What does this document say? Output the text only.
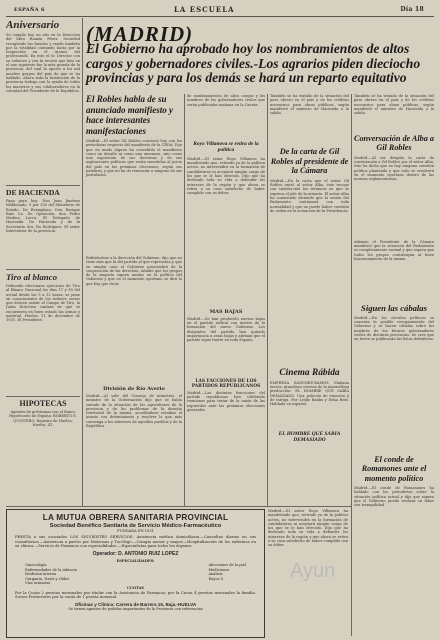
ESPAÑA 6	LA ESCUELA	Día 18
Aniversario
Se cumple hoy un año en la Dirección del libro Ramón Pérez. Sociedad recogiendo las fuentes y vende también por la totalidad contando hasta por la Inspección en el Ateneo del profesorado. En este el Sr. Director con su esfuerzo y con la revista que hizo en el ano siguiente fue la más grande de la provincia, del cual la aportó a los mil muchos grupos del país de que se ha hablado. Ahora toda la Institución de la provincia trabaja con la ayuda de todos los maestros y sus colaboradores en la voluntad del Presidente de la República.
DE HACIENDA
Pago para hoy: Don Juan Jiménez Maldonado, 9 por 100 del Ministerio de Estado. De Reemplazo: Don Enrique Ruiz Ca. De Oposición, don Pedro Medina Lorca. El Delegado de Hacienda. De Hacienda y de la Secretaría Sra. Ro Rodríguez. El señor Interventor de la provincia.
Tiro al blanco
Debiendo efectuarse ejercicios de Tiro al Blanco Nacional los días 17 y 18 del actual desde las 9 a 12 horas, se pone en conocimiento de los señores socios que deseen asistir al Campo de Tiro, la Junta Directiva cuidará de que se encuentren en buen estado las armas y material. Huelva, 11 de diciembre de 1931. El Presidente.
HIPOTECAS
Agentes de préstamos con el Banco Hipotecario de España: ROBERTO E. QUINTERO. Registro de Huelva. Huelva, 41.
(MADRID)
El Gobierno ha aprobado hoy los nombramientos de altos cargos y gobernadores civiles.-Los agrarios piden dieciocho provincias y para los demás se hará un reparto equitativo
El Robles habla de su anunciado manifiesto y hace interesantes manifestaciones
Madrid.—El señor Gil Robles conversó hoy con los periodistas respecto del manifiesto de la CEDA. Dijo que en modo alguno ha concebido el manifiesto como un desafío ni como una amenaza, sino como una exposición de sus doctrinas y de sus aspiraciones políticas que serán sometidas al juicio del país en las próximas elecciones, según sus palabras, y que no ha de renunciar a ninguno de sus postulados.
Refiriéndose a la dirección del Gobierno, dijo que no tiene más que la del partido al que representa y que en ningún caso el Gobierno prescindirá de la cooperación de las derechas. Añadió que los grupos de la mayoría siguen unidos en la política del Gobierno y que en el momento oportuno se dirá lo que hay que decir.
División de Río Averio
Madrid.—Al salir del Consejo de ministros, el ministro de la Gobernación dijo que se había tratado de la situación de los agricultores de la provincia y de los problemas de la división territorial de la misma, acordándose estudiar el asunto con detenimiento y resolver lo que más convenga a los intereses de aquellos pueblos y de la República.
de nombramientos de altos cargos y los nombres de los gobernadores civiles que serán publicados mañana en la Gaceta.
Royo Villanova se retira de la política
Madrid.—El señor Royo Villanova ha manifestado que, retirado ya de la política activa, no intervendrá en la formación de candidaturas ni aceptará ningún cargo de los que se le han ofrecido. Dijo que ha dedicado toda su vida a defender los intereses de la región y que ahora se retira a su casa satisfecho de haber cumplido con su deber.
MAS BAJAS
Madrid.—Se han producido nuevas bajas en el partido radical con motivo de la formación del nuevo Gobierno. Los dirigentes del partido han quitado importancia a estas bajas y afirman que el partido sigue fuerte en toda España.
LAS FACCIONES DE LOS PARTIDOS REPUBLICANOS
Madrid.—Las distintas fracciones del partido republicano han celebrado reuniones para tratar de la unión de las izquierdas ante las próximas elecciones generales.
También se ha tratado de la situación del paro obrero en el país y de los créditos necesarios para obras públicas, según manifestó el ministro de Hacienda a la salida.
De la carta de Gil Robles al presidente de la Cámara
Madrid.—En la carta que el señor Gil Robles envió al señor Alba, éste recoge con satisfacción los términos en que se expresa el jefe de la minoría. El señor Alba ha contestado diciendo que la sesión del Parlamento continuará con toda normalidad y que no puede haber cuestión de orden en la actuación de la Presidencia.
Cinema Rábida
EMPRESA SANCHEZ-RAMOS. Mañana jueves, grandioso estreno de la maravillosa producción: EL HOMBRE QUE SABÍA DEMASIADO. Una película de emoción y de intriga. Por Leslie Banks y Edna Best. Hablada en español.
EL HOMBRE QUE SABIA DEMASIADO
Conversación de Alba a Gil Robles
Madrid.—Al ser dirigida la carta de contestación a Gil Robles por el señor Alba, éste ha dicho que no hay ninguna cuestión política planteada y que todo se resolverá en el momento oportuno dentro de las normas reglamentarias.
Además el Presidente de la Cámara manifestó que la situación del Parlamento es completamente normal y que espera que todos los grupos contribuyan al buen funcionamiento de la misma.
Siguen las cábalas
Madrid.—En los círculos políticos se comenta la posible reorganización del Gobierno y se hacen cábalas sobre los nombres de los futuros gobernadores civiles de distintas provincias. Se cree que en breve se publicarán las listas definitivas.
El conde de Romanones ante el momento político
Madrid.—El conde de Romanones ha hablado con los periodistas sobre la situación política actual y dijo que espera que el Gobierno pueda realizar su labor con tranquilidad.
También se ha tratado de la situación del paro obrero en el país y de los créditos necesarios para obras públicas, según manifestó el ministro de Hacienda a la salida.
LA MUTUA OBRERA SANITARIA PROVINCIAL
Sociedad Benéfico Sanitaria de Servicio Médico-Farmacéutico
FUNDADA EN 1931
PRESTA a sus asociados LOS SIGUIENTES SERVICIOS: Asistencia médica domiciliaria.—Consultas diarias en sus consultorios.—Asistencia a partos por Matronas y Tocólogo.—Cirugía menor y mayor.—Hospitalización de los enfermos en su clínica.—Servicio de Farmacia con especialidades.—Especialistas para todos los órganos.
Operador: D. ANTONIO RUIZ LOPEZ
ESPECIALIDADES:
Ginecología
Enfermedades de la infancia
Medicina interna
Garganta, Nariz y Oídos
Vías urinarias
Afecciones de la piel
Mediciones
Análisis
Rayos X
CUOTAS
Por la Cuota 2 pesetas mensuales por titular con la Asistencia de Farmacia; por la Cuota 4 pesetas mensuales la familia. Socios Protectores por la cuota de 1 peseta mensual.
Oficinas y Clínica: Carrera de Barrera 15, Baja.-HUELVA
Se tienen agentes de pedidos importantes de la Provincia con referencias
Madrid.—El señor Royo Villanova ha manifestado que, retirado ya de la política activa, no intervendrá en la formación de candidaturas ni aceptará ningún cargo de los que se le han ofrecido. Dijo que ha dedicado toda su vida a defender los intereses de la región y que ahora se retira a su casa satisfecho de haber cumplido con su deber.
Ayun
